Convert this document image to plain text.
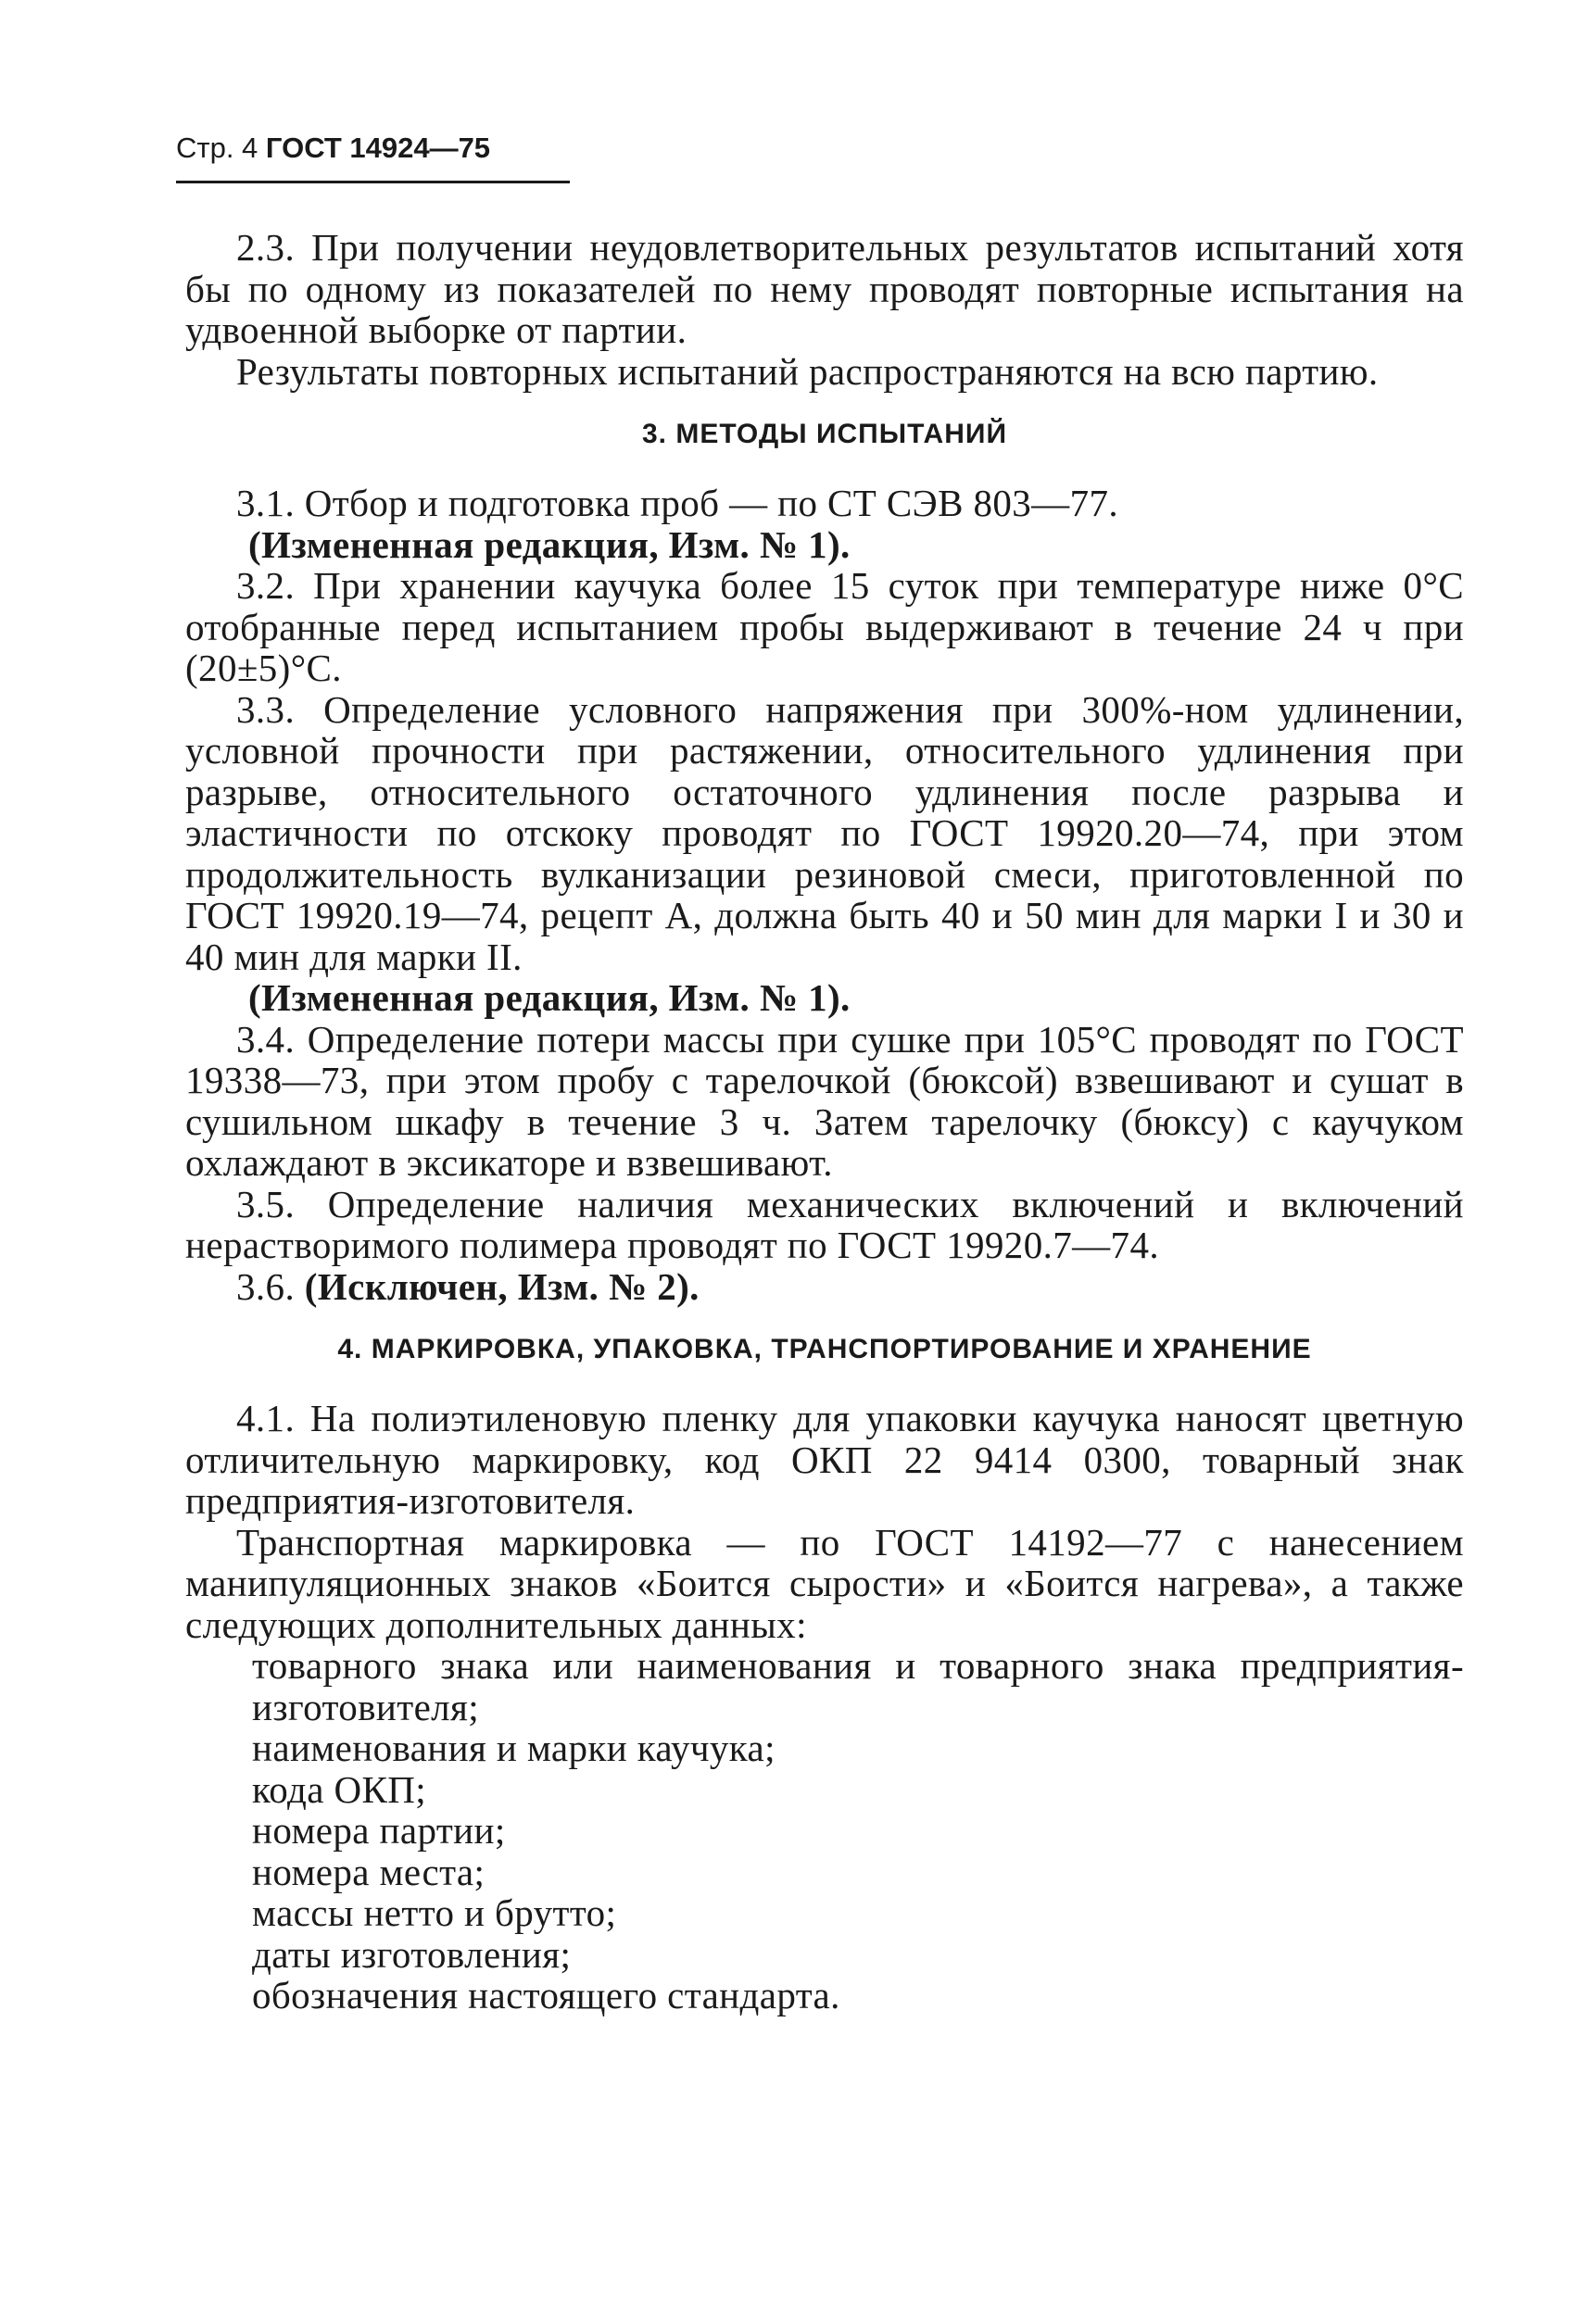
Стр. 4 ГОСТ 14924—75
2.3. При получении неудовлетворительных результатов испытаний хотя бы по одному из показателей по нему проводят повторные испытания на удвоенной выборке от партии.
Результаты повторных испытаний распространяются на всю партию.
3. МЕТОДЫ ИСПЫТАНИЙ
3.1. Отбор и подготовка проб — по СТ СЭВ 803—77.
(Измененная редакция, Изм. № 1).
3.2. При хранении каучука более 15 суток при температуре ниже 0°С отобранные перед испытанием пробы выдерживают в течение 24 ч при (20±5)°С.
3.3. Определение условного напряжения при 300%-ном удлинении, условной прочности при растяжении, относительного удлинения при разрыве, относительного остаточного удлинения после разрыва и эластичности по отскоку проводят по ГОСТ 19920.20—74, при этом продолжительность вулканизации резиновой смеси, приготовленной по ГОСТ 19920.19—74, рецепт А, должна быть 40 и 50 мин для марки I и 30 и 40 мин для марки II.
(Измененная редакция, Изм. № 1).
3.4. Определение потери массы при сушке при 105°С проводят по ГОСТ 19338—73, при этом пробу с тарелочкой (бюксой) взвешивают и сушат в сушильном шкафу в течение 3 ч. Затем тарелочку (бюксу) с каучуком охлаждают в эксикаторе и взвешивают.
3.5. Определение наличия механических включений и включений нерастворимого полимера проводят по ГОСТ 19920.7—74.
3.6. (Исключен, Изм. № 2).
4. МАРКИРОВКА, УПАКОВКА, ТРАНСПОРТИРОВАНИЕ И ХРАНЕНИЕ
4.1. На полиэтиленовую пленку для упаковки каучука наносят цветную отличительную маркировку, код ОКП 22 9414 0300, товарный знак предприятия-изготовителя.
Транспортная маркировка — по ГОСТ 14192—77 с нанесением манипуляционных знаков «Боится сырости» и «Боится нагрева», а также следующих дополнительных данных:
товарного знака или наименования и товарного знака предприятия-изготовителя;
наименования и марки каучука;
кода ОКП;
номера партии;
номера места;
массы нетто и брутто;
даты изготовления;
обозначения настоящего стандарта.
